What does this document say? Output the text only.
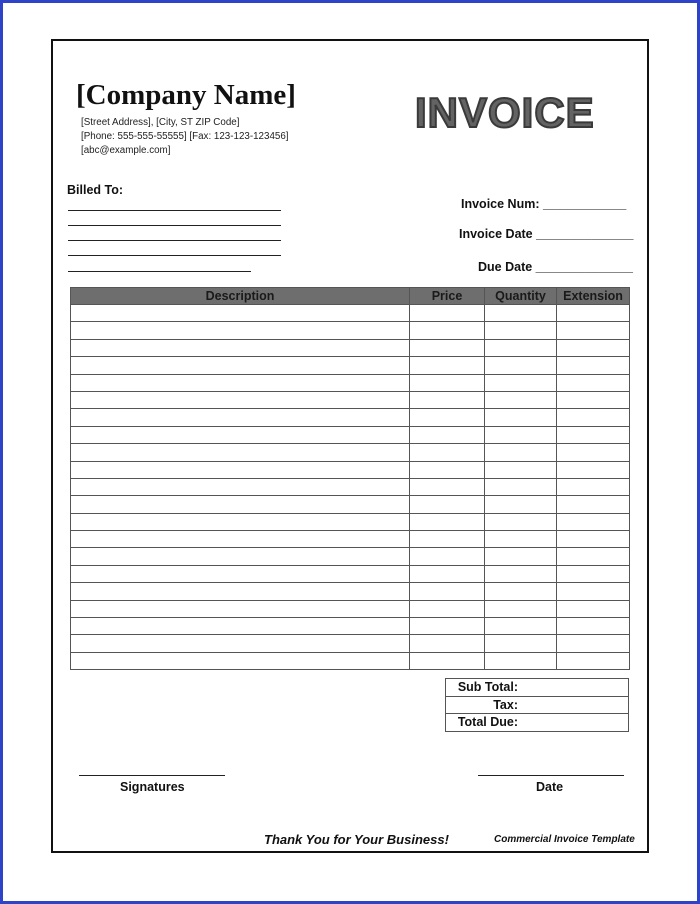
[Company Name]
[Street Address], [City, ST ZIP Code]
[Phone: 555-555-55555] [Fax: 123-123-123456]
[abc@example.com]
INVOICE
Billed To:
Invoice Num: ____________
Invoice Date ______________
Due Date ______________
Description	Price	Quantity	Extension

Sub Total:
Tax:
Total Due:
Signatures	Date
Thank You for Your Business!	Commercial Invoice Template
